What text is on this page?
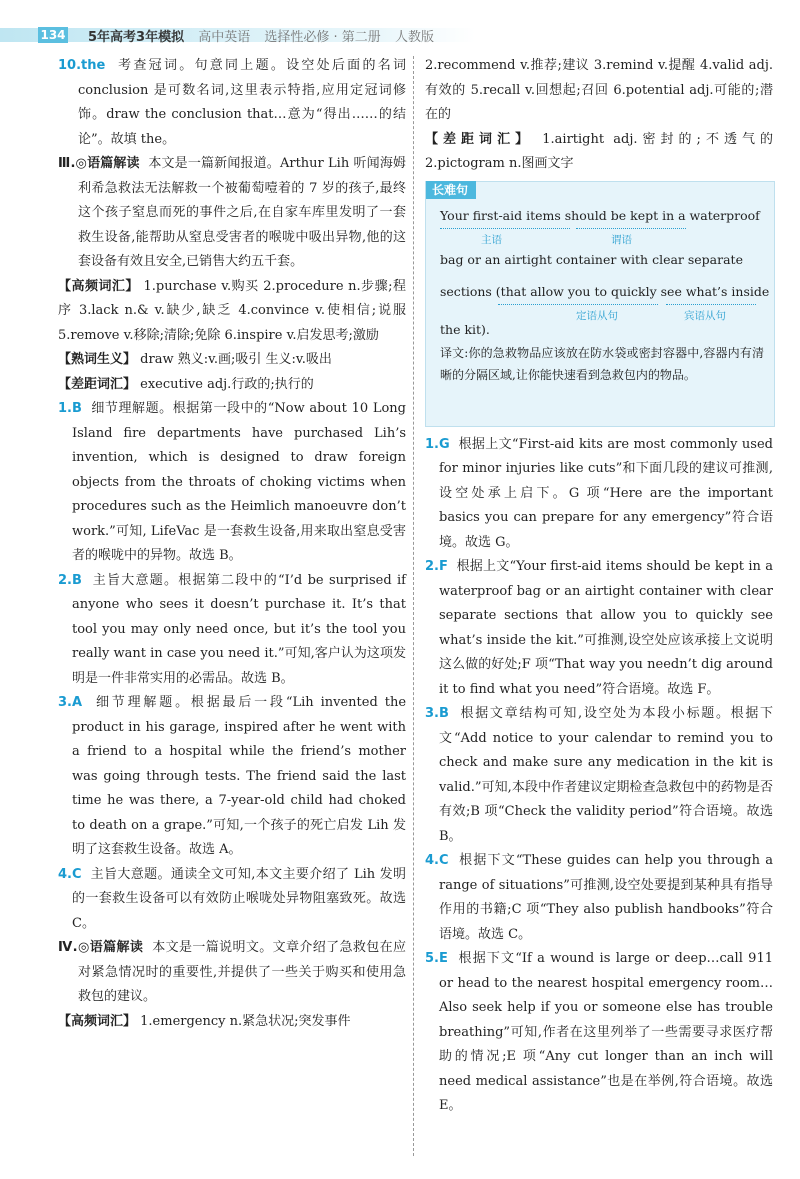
134 5年高考3年模拟 高中英语 选择性必修 · 第二册 人教版

10.the 考查冠词。句意同上题。设空处后面的名词 conclusion 是可数名词,这里表示特指,应用定冠词修饰。draw the conclusion that…意为“得出……的结论”。故填 the。

Ⅲ.◎语篇解读 本文是一篇新闻报道。Arthur Lih 听闻海姆利希急救法无法解救一个被葡萄噎着的 7 岁的孩子,最终这个孩子窒息而死的事件之后,在自家车库里发明了一套救生设备,能帮助从窒息受害者的喉咙中吸出异物,他的这套设备有效且安全,已销售大约五千套。

【高频词汇】 1.purchase v.购买 2.procedure n.步骤;程序 3.lack n.& v.缺少,缺乏 4.convince v.使相信;说服 5.remove v.移除;清除;免除 6.inspire v.启发思考;激励

【熟词生义】 draw 熟义:v.画;吸引 生义:v.吸出

【差距词汇】 executive adj.行政的;执行的

1.B 细节理解题。根据第一段中的“Now about 10 Long Island fire departments have purchased Lih’s invention, which is designed to draw foreign objects from the throats of choking victims when procedures such as the Heimlich manoeuvre don’t work.”可知, LifeVac 是一套救生设备,用来取出窒息受害者的喉咙中的异物。故选 B。

2.B 主旨大意题。根据第二段中的“I’d be surprised if anyone who sees it doesn’t purchase it. It’s that tool you may only need once, but it’s the tool you really want in case you need it.”可知,客户认为这项发明是一件非常实用的必需品。故选 B。

3.A 细节理解题。根据最后一段“Lih invented the product in his garage, inspired after he went with a friend to a hospital while the friend’s mother was going through tests. The friend said the last time he was there, a 7-year-old child had choked to death on a grape.”可知,一个孩子的死亡启发 Lih 发明了这套救生设备。故选 A。

4.C 主旨大意题。通读全文可知,本文主要介绍了 Lih 发明的一套救生设备可以有效防止喉咙处异物阻塞致死。故选 C。

Ⅳ.◎语篇解读 本文是一篇说明文。文章介绍了急救包在应对紧急情况时的重要性,并提供了一些关于购买和使用急救包的建议。

【高频词汇】 1.emergency n.紧急状况;突发事件

2.recommend v.推荐;建议 3.remind v.提醒 4.valid adj.有效的 5.recall v.回想起;召回 6.potential adj.可能的;潜在的

【差距词汇】 1.airtight adj.密封的;不透气的 2.pictogram n.图画文字

长难句
Your first-aid items should be kept in a waterproof
主语	谓语
bag or an airtight container with clear separate
sections (that allow you to quickly see what’s inside
定语从句	宾语从句
the kit).
译文:你的急救物品应该放在防水袋或密封容器中,容器内有清晰的分隔区域,让你能快速看到急救包内的物品。

1.G 根据上文“First-aid kits are most commonly used for minor injuries like cuts”和下面几段的建议可推测,设空处承上启下。G 项“Here are the important basics you can prepare for any emergency”符合语境。故选 G。

2.F 根据上文“Your first-aid items should be kept in a waterproof bag or an airtight container with clear separate sections that allow you to quickly see what’s inside the kit.”可推测,设空处应该承接上文说明这么做的好处;F 项“That way you needn’t dig around it to find what you need”符合语境。故选 F。

3.B 根据文章结构可知,设空处为本段小标题。根据下文“Add notice to your calendar to remind you to check and make sure any medication in the kit is valid.”可知,本段中作者建议定期检查急救包中的药物是否有效;B 项“Check the validity period”符合语境。故选 B。

4.C 根据下文“These guides can help you through a range of situations”可推测,设空处要提到某种具有指导作用的书籍;C 项“They also publish handbooks”符合语境。故选 C。

5.E 根据下文“If a wound is large or deep…call 911 or head to the nearest hospital emergency room…Also seek help if you or someone else has trouble breathing”可知,作者在这里列举了一些需要寻求医疗帮助的情况;E 项“Any cut longer than an inch will need medical assistance”也是在举例,符合语境。故选 E。
